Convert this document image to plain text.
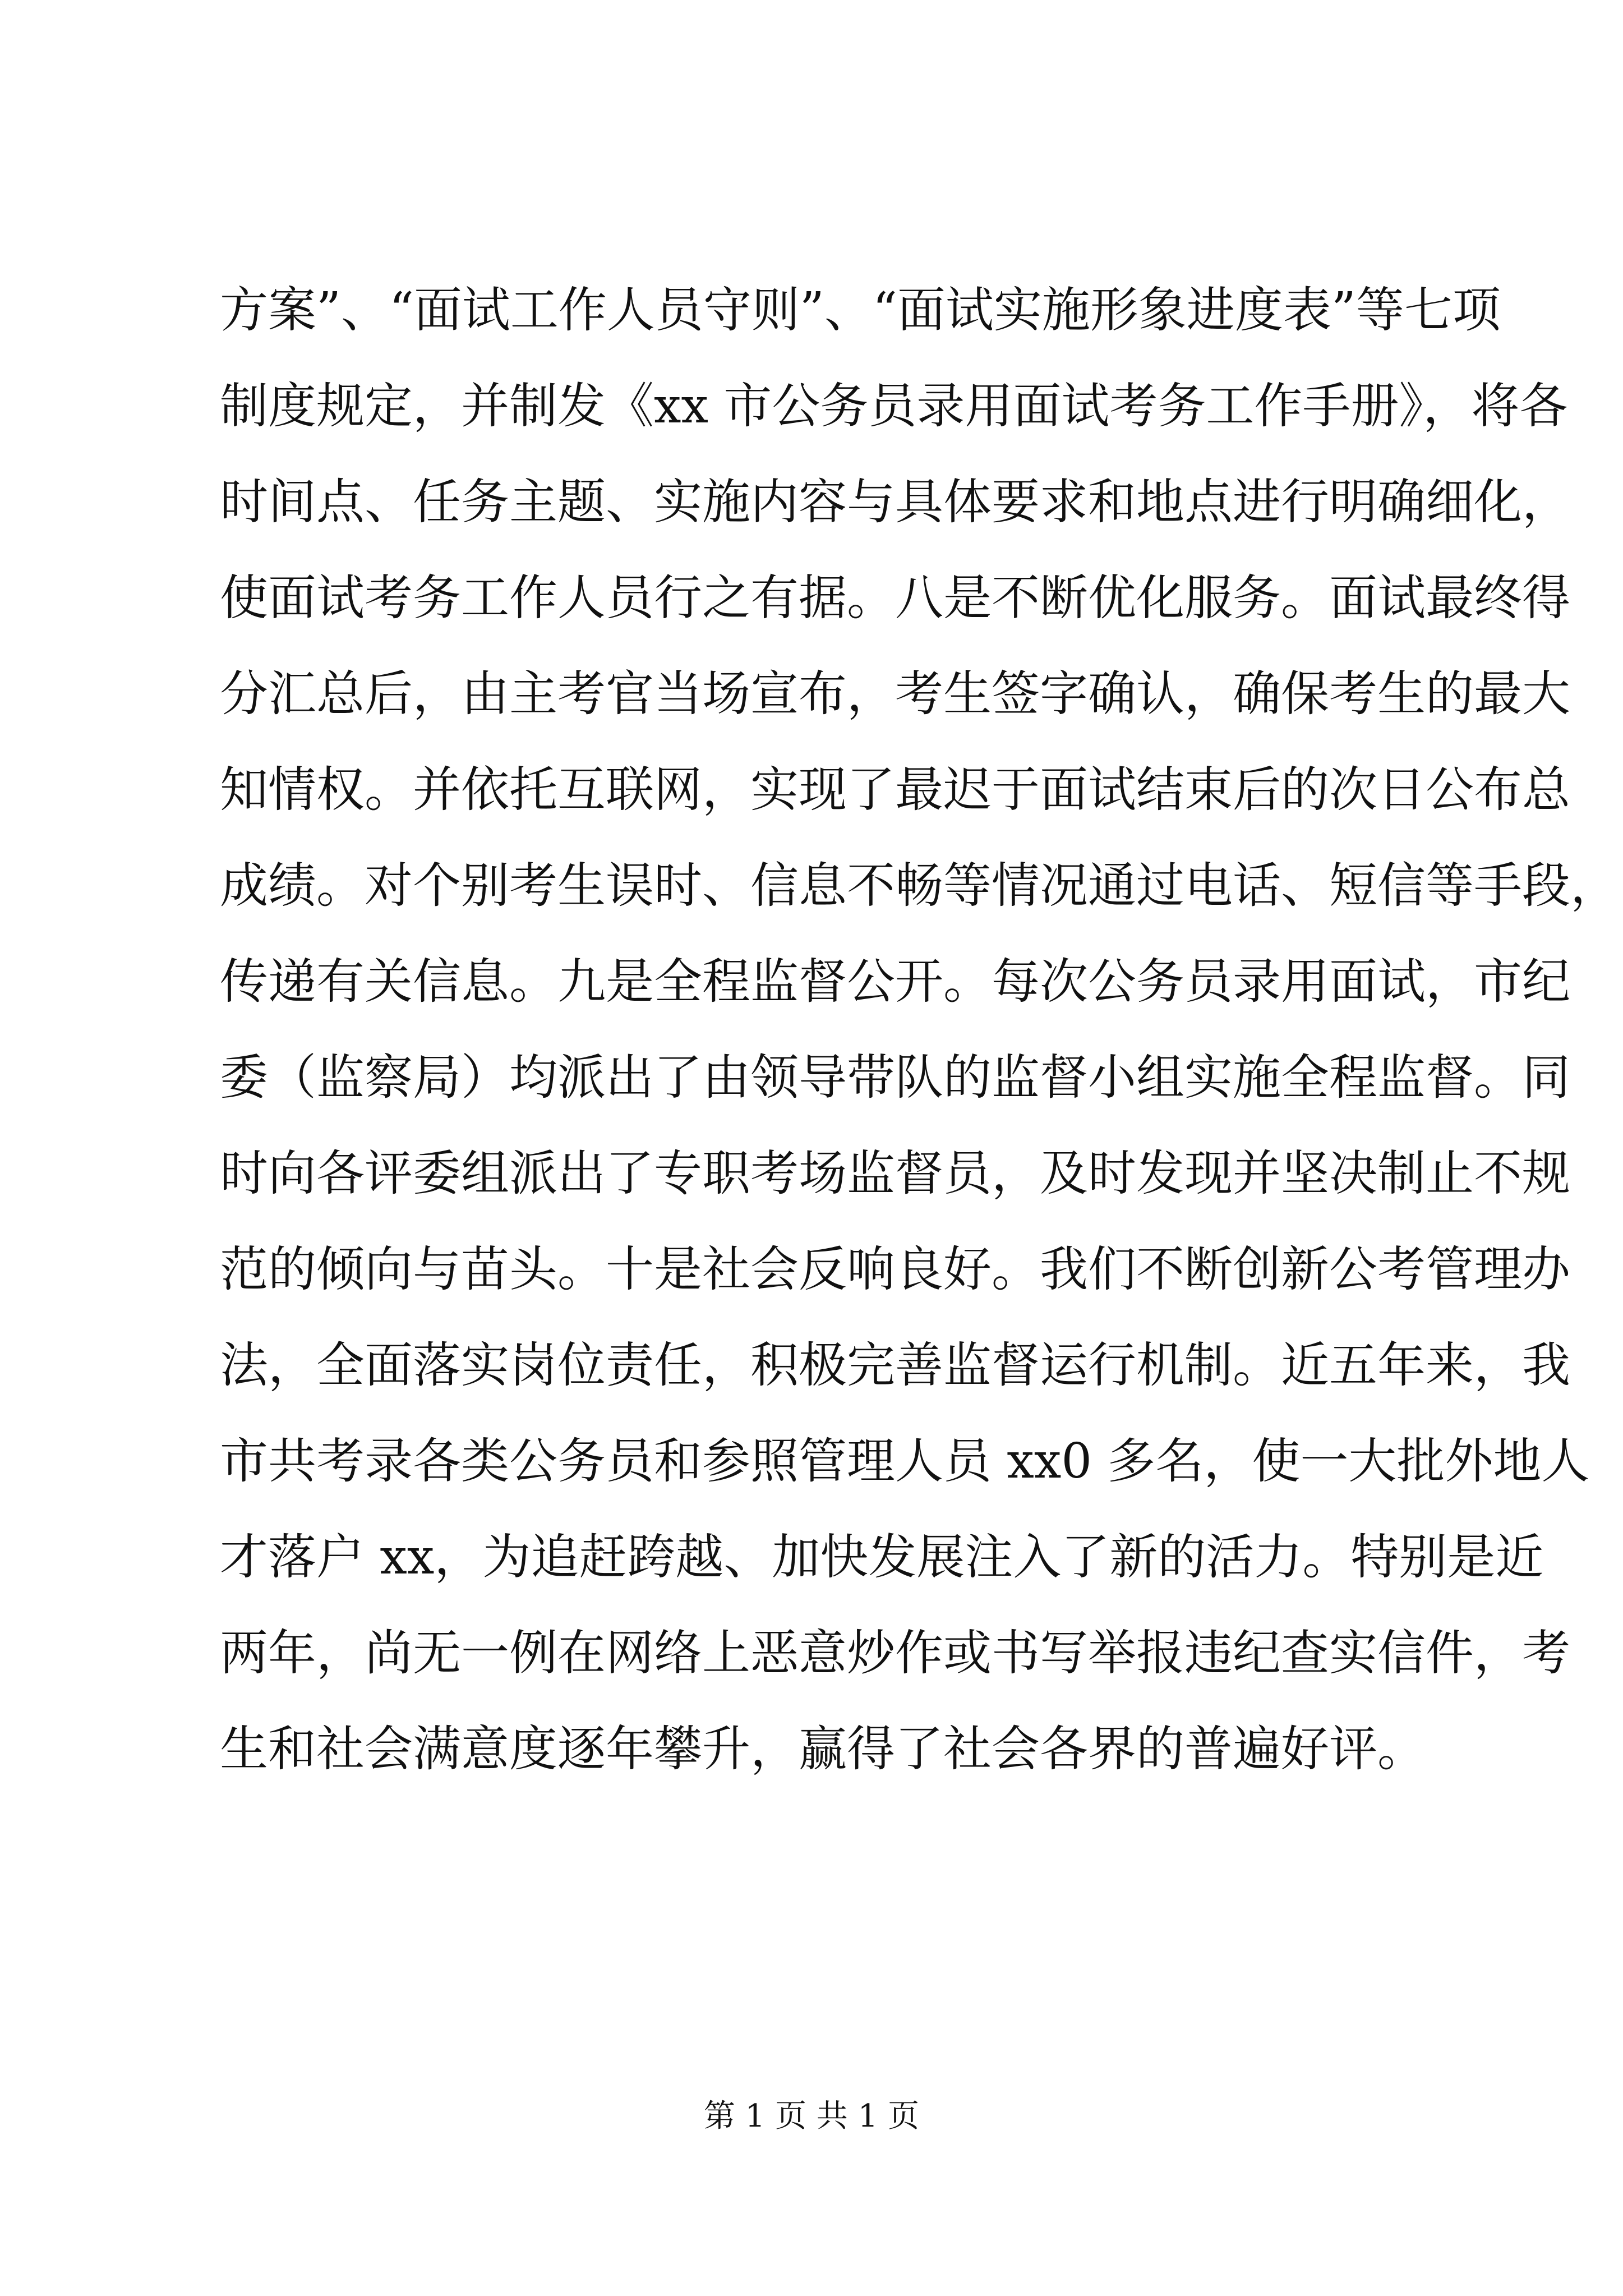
方案”、“面试工作人员守则”、“面试实施形象进度表”等七项
制度规定，并制发《xx 市公务员录用面试考务工作手册》，将各
时间点、任务主题、实施内容与具体要求和地点进行明确细化，
使面试考务工作人员行之有据。八是不断优化服务。面试最终得
分汇总后，由主考官当场宣布，考生签字确认，确保考生的最大
知情权。并依托互联网，实现了最迟于面试结束后的次日公布总
成绩。对个别考生误时、信息不畅等情况通过电话、短信等手段，
传递有关信息。九是全程监督公开。每次公务员录用面试，市纪
委（监察局）均派出了由领导带队的监督小组实施全程监督。同
时向各评委组派出了专职考场监督员，及时发现并坚决制止不规
范的倾向与苗头。十是社会反响良好。我们不断创新公考管理办
法，全面落实岗位责任，积极完善监督运行机制。近五年来，我
市共考录各类公务员和参照管理人员 xx0 多名，使一大批外地人
才落户 xx，为追赶跨越、加快发展注入了新的活力。特别是近
两年，尚无一例在网络上恶意炒作或书写举报违纪查实信件，考
生和社会满意度逐年攀升，赢得了社会各界的普遍好评。
第 1 页 共 1 页
